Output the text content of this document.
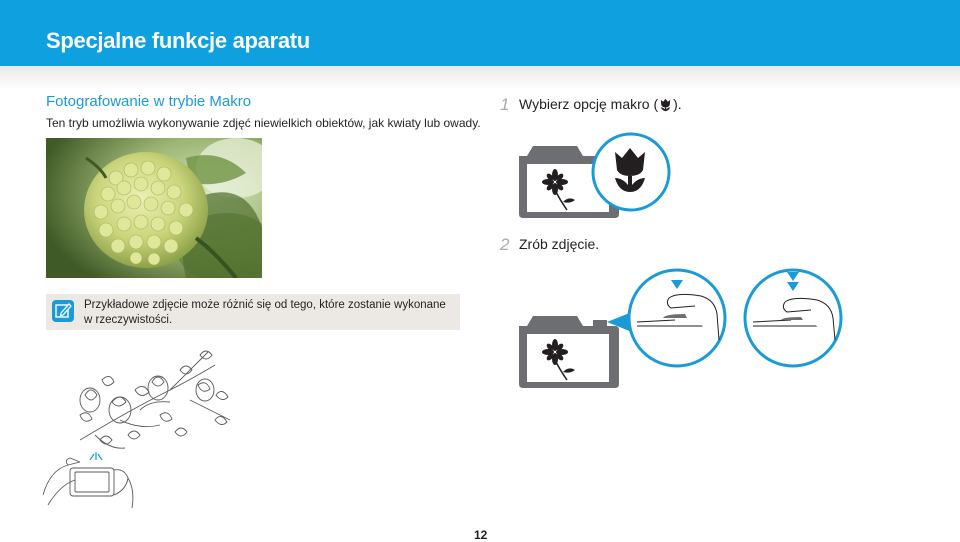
Specjalne funkcje aparatu
Fotografowanie w trybie Makro
Ten tryb umożliwia wykonywanie zdjęć niewielkich obiektów, jak kwiaty lub owady.
Przykładowe zdjęcie może różnić się od tego, które zostanie wykonane w rzeczywistości.
1 Wybierz opcję makro ( ).
2 Zrób zdjęcie.
12
